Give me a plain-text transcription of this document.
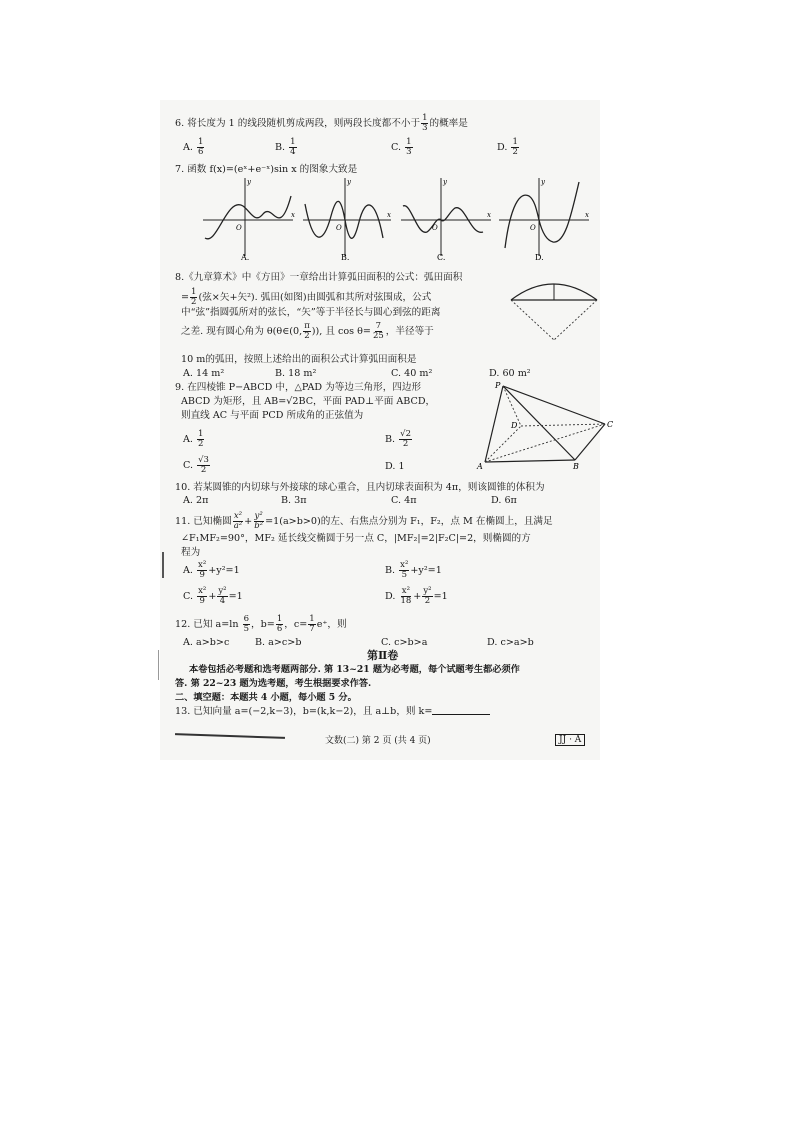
6. 将长度为 1 的线段随机剪成两段，则两段长度都不小于 $\frac{1}{3}$ 的概率是
A. $\frac{1}{6}$	B. $\frac{1}{4}$	C. $\frac{1}{3}$	D. $\frac{1}{2}$
7. 函数 f(x)=(eˣ+e⁻ˣ)sin x 的图象大致是
x
y
O
A.
x
y
O
B.
x
y
O
C.
x
y
O
D.
8.《九章算术》中《方田》一章给出计算弧田面积的公式：弧田面积
= $\frac{1}{2}$ (弦×矢+矢²). 弧田(如图)由圆弧和其所对弦围成，公式
中“弦”指圆弧所对的弦长，“矢”等于半径长与圆心到弦的距离
之差. 现有圆心角为 θ(θ∈(0, $\frac{\pi}{2}$ )), 且 $\cos \theta= \frac{7}{25}$ ，半径等于
10 m的弧田，按照上述给出的面积公式计算弧田面积是
A. 14 m²	B. 18 m²	C. 40 m²	D. 60 m²
9. 在四棱锥 P−ABCD 中，△PAD 为等边三角形，四边形
ABCD 为矩形，且 AB=√2BC，平面 PAD⊥平面 ABCD，
则直线 AC 与平面 PCD 所成角的正弦值为
A. $\frac{1}{2}$	B. $\frac{√2}{2}$
C. $\frac{√3}{2}$	D. 1
P
D	C
A	B
10. 若某圆锥的内切球与外接球的球心重合，且内切球表面积为 4π，则该圆锥的体积为
A. 2π	B. 3π	C. 4π	D. 6π
11. 已知椭圆 $\frac{\text{x²}}{\text{a²}} + \frac{\text{y²}}{\text{b²}} =1(a>b>0)$的左、右焦点分别为 F₁，F₂，点 M 在椭圆上，且满足
∠F₁MF₂=90°，MF₂ 延长线交椭圆于另一点 C，|MF₂|=2|F₂C|=2，则椭圆的方
程为
A. $\frac{\text{x²}}{9} +y^2=1$	B. $\frac{\text{x²}}{5} +y^2=1$
C. $\frac{\text{x²}}{9} + \frac{\text{y²}}{4} =1$	D. $\frac{\text{x²}}{18} + \frac{\text{y²}}{2} =1$
12. 已知 $a=\ln \frac{6}{5}$ ，$b= \frac{1}{6}$ ，$c= \frac{1}{7} e^+$，则
A. a>b>c	B. a>c>b	C. c>b>a	D. c>a>b
第Ⅱ卷
本卷包括必考题和选考题两部分. 第 13~21 题为必考题，每个试题考生都必须作
答. 第 22~23 题为选考题，考生根据要求作答.
二、填空题：本题共 4 小题，每小题 5 分。
13. 已知向量 a=(−2,k−3)，b=(k,k−2)，且 a⊥b，则 k=
文数(二) 第 2 页 (共 4 页)	JJ · A
